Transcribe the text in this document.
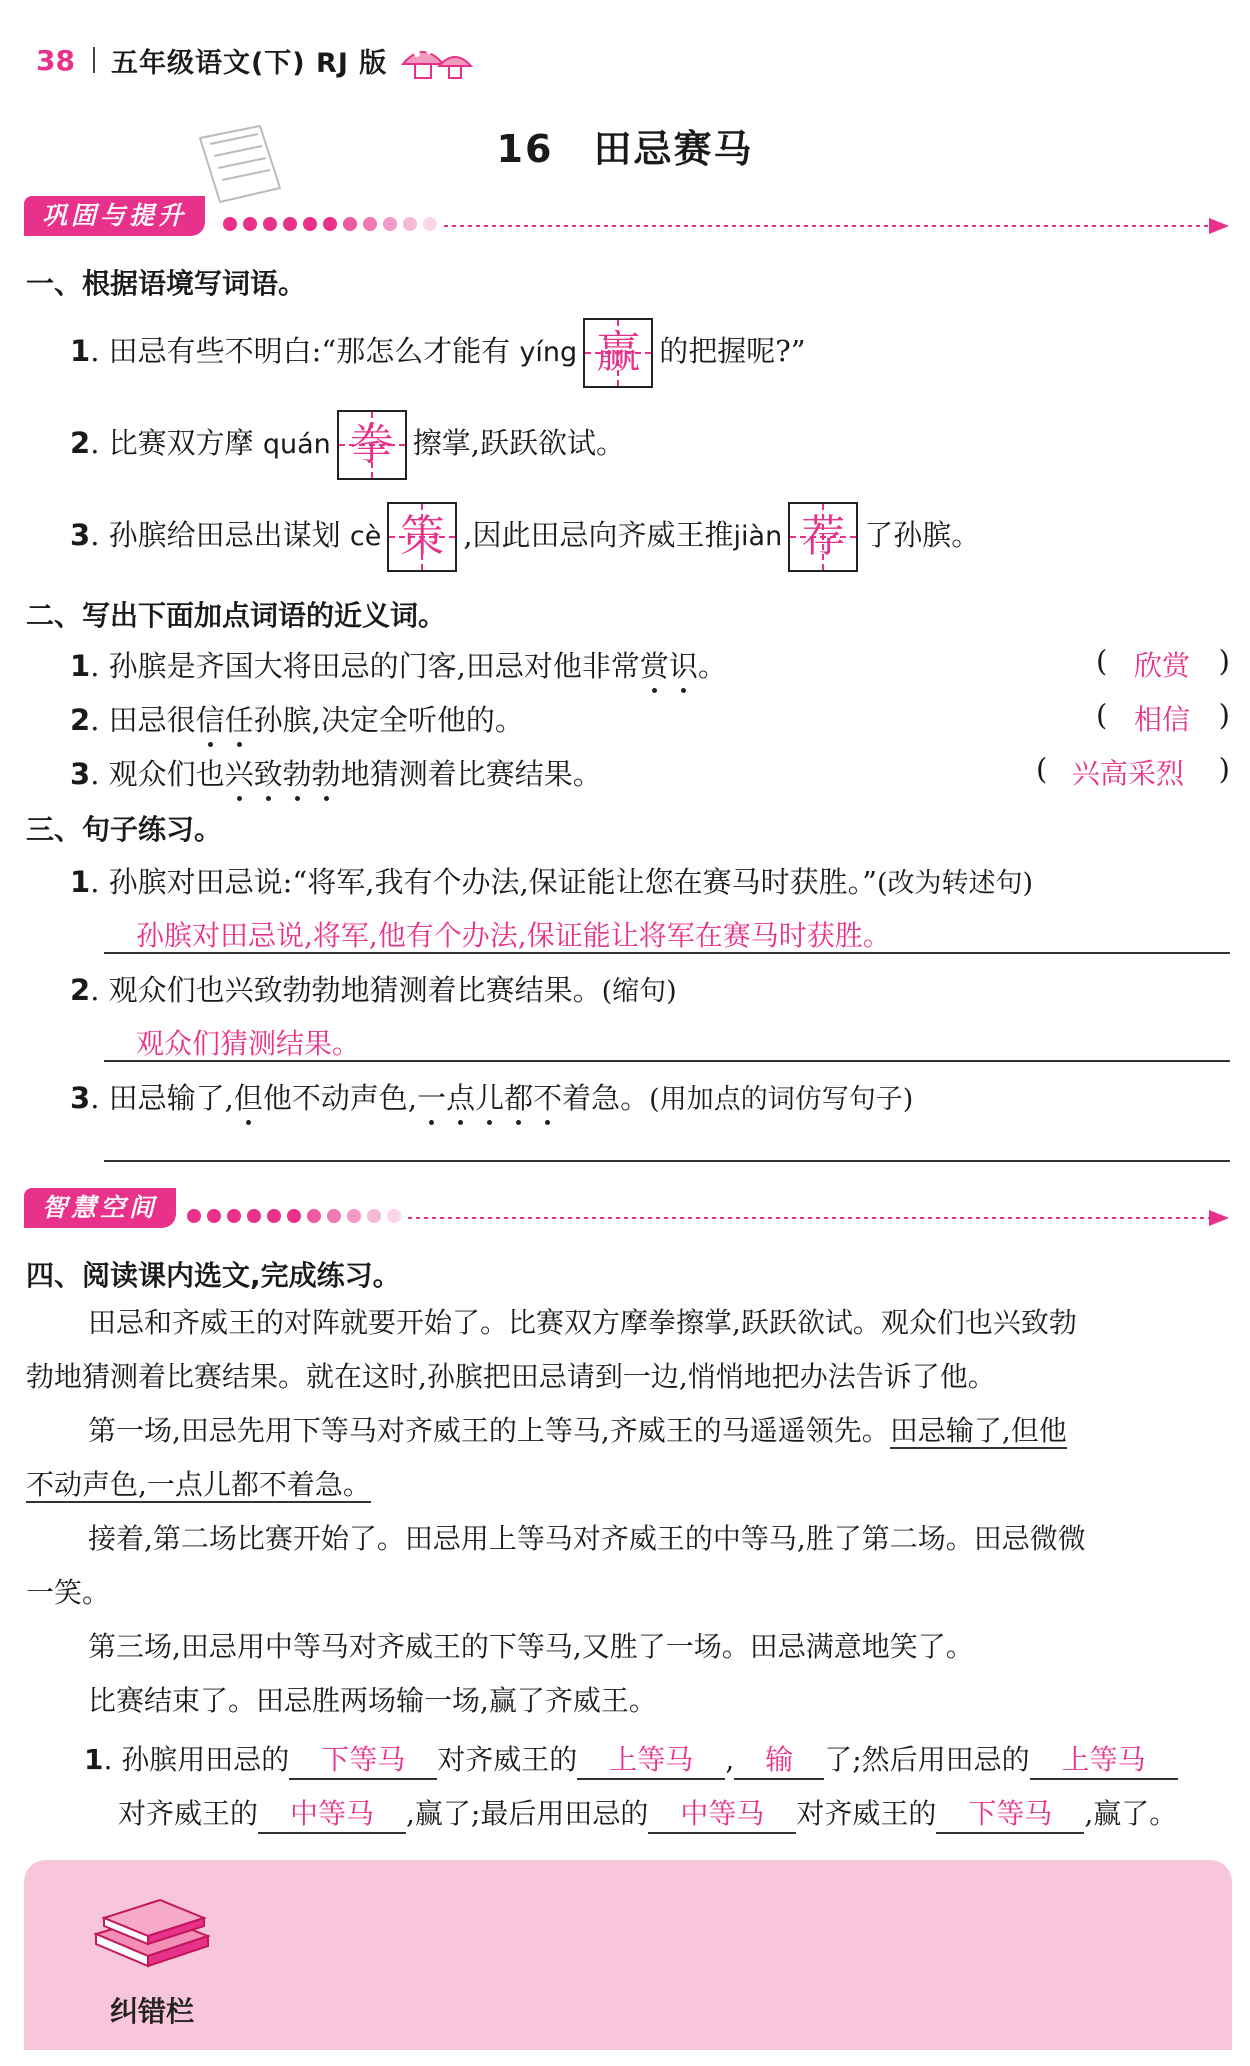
38 五年级语文(下) RJ 版
16 田忌赛马
巩固与提升
一、根据语境写词语。
1. 田忌有些不明白:“那怎么才能有 yíng 赢 的把握呢?”
2. 比赛双方摩 quán 拳 擦掌,跃跃欲试。
3. 孙膑给田忌出谋划 cè 策 ,因此田忌向齐威王推jiàn 荐 了孙膑。
二、写出下面加点词语的近义词。
1. 孙膑是齐国大将田忌的门客,田忌对他非常赏识。	( 欣赏 )
2. 田忌很信任孙膑,决定全听他的。	( 相信 )
3. 观众们也兴致勃勃地猜测着比赛结果。	( 兴高采烈 )
三、句子练习。
1. 孙膑对田忌说:“将军,我有个办法,保证能让您在赛马时获胜。”(改为转述句)
孙膑对田忌说,将军,他有个办法,保证能让将军在赛马时获胜。
2. 观众们也兴致勃勃地猜测着比赛结果。(缩句)
观众们猜测结果。
3. 田忌输了,但他不动声色,一点儿都不着急。(用加点的词仿写句子)
智慧空间
四、阅读课内选文,完成练习。
田忌和齐威王的对阵就要开始了。比赛双方摩拳擦掌,跃跃欲试。观众们也兴致勃
勃地猜测着比赛结果。就在这时,孙膑把田忌请到一边,悄悄地把办法告诉了他。
第一场,田忌先用下等马对齐威王的上等马,齐威王的马遥遥领先。田忌输了,但他
不动声色,一点儿都不着急。
接着,第二场比赛开始了。田忌用上等马对齐威王的中等马,胜了第二场。田忌微微
一笑。
第三场,田忌用中等马对齐威王的下等马,又胜了一场。田忌满意地笑了。
比赛结束了。田忌胜两场输一场,赢了齐威王。
1. 孙膑用田忌的 下等马 对齐威王的 上等马 , 输 了;然后用田忌的 上等马
对齐威王的 中等马 ,赢了;最后用田忌的 中等马 对齐威王的 下等马 ,赢了。
纠错栏
